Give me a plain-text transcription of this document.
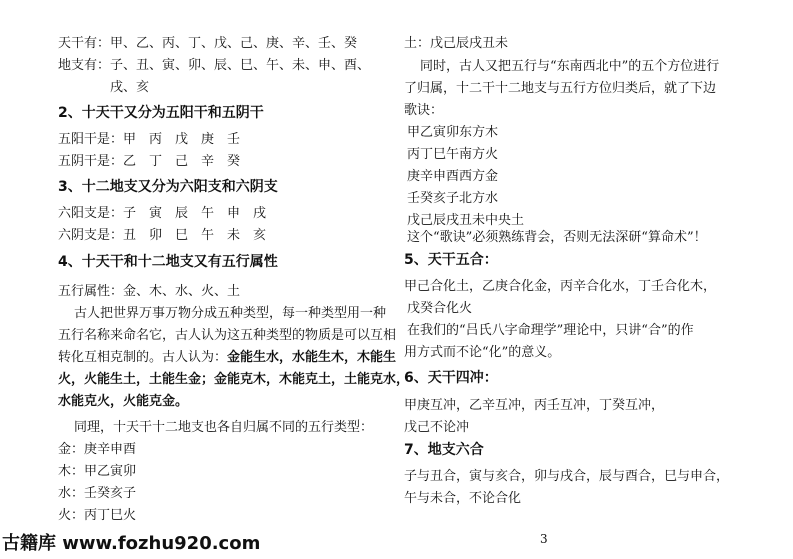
天干有：甲、乙、丙、丁、戊、己、庚、辛、壬、癸
地支有：子、丑、寅、卯、辰、巳、午、未、申、酉、
戌、亥
2、十天干又分为五阳干和五阴干
五阳干是：甲　丙　戊　庚　壬
五阴干是：乙　丁　己　辛　癸
3、十二地支又分为六阳支和六阴支
六阳支是：子　寅　辰　午　申　戌
六阴支是：丑　卯　巳　午　未　亥
4、十天干和十二地支又有五行属性
五行属性：金、木、水、火、土
古人把世界万事万物分成五种类型，每一种类型用一种
五行名称来命名它，古人认为这五种类型的物质是可以互相
转化互相克制的。古人认为：金能生水，水能生木，木能生
火，火能生土，土能生金；金能克木，木能克土，土能克水，
水能克火，火能克金。
同理，十天干十二地支也各自归属不同的五行类型：
金：庚辛申酉
木：甲乙寅卯
水：壬癸亥子
火：丙丁巳火
土：戊己辰戌丑未
同时，古人又把五行与“东南西北中”的五个方位进行
了归属，十二干十二地支与五行方位归类后，就了下边
歌诀：
甲乙寅卯东方木
丙丁巳午南方火
庚辛申酉西方金
壬癸亥子北方水
戊己辰戌丑未中央土
这个“歌诀”必须熟练背会，否则无法深研“算命术”！
5、天干五合：
甲己合化土，乙庚合化金，丙辛合化水，丁壬合化木，
戊癸合化火
在我们的“吕氏八字命理学”理论中，只讲“合”的作
用方式而不论“化”的意义。
6、天干四冲：
甲庚互冲，乙辛互冲，丙壬互冲，丁癸互冲，
戊己不论冲
7、地支六合
子与丑合，寅与亥合，卯与戌合，辰与酉合，巳与申合，
午与未合，不论合化
古籍库 www.fozhu920.com	3
